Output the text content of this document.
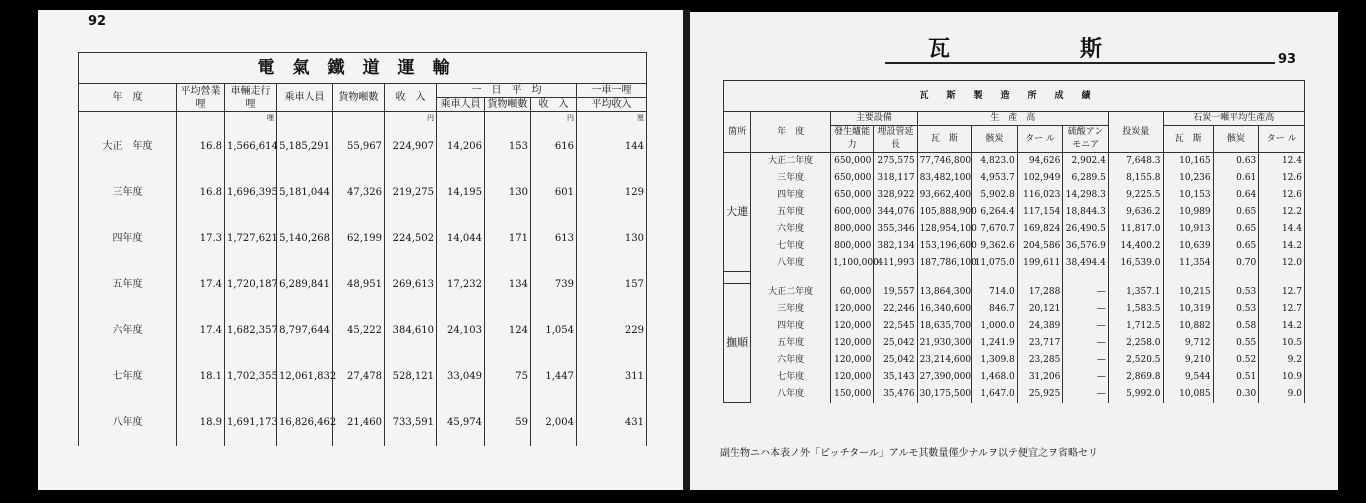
92
電氣鐵道運輸									
年　度	平均營業哩	車輛走行哩	乘車人員	貨物噸數	收　入	一　日　平　均			一車一哩
						乘車人員	貨物噸數	收　入	平均收入
		哩			円			円	厘
大正　年度	16.8	1,566,614	5,185,291	55,967	224,907	14,206	153	616	144
三年度	16.8	1,696,395	5,181,044	47,326	219,275	14,195	130	601	129
四年度	17.3	1,727,621	5,140,268	62,199	224,502	14,044	171	613	130
五年度	17.4	1,720,187	6,289,841	48,951	269,613	17,232	134	739	157
六年度	17.4	1,682,357	8,797,644	45,222	384,610	24,103	124	1,054	229
七年度	18.1	1,702,355	12,061,832	27,478	528,121	33,049	75	1,447	311
八年度	18.9	1,691,173	16,826,462	21,460	733,591	45,974	59	2,004	431
瓦斯	93
瓦斯製造所成績											
箇所	年　度	主要設備		生　產　高				投炭量	石炭一噸平均生產高		
		發生爐能力	埋設管延長	瓦　斯	骸炭	ター ル	硫酸アンモニア		瓦　斯	骸炭	ター ル
大連	大正二年度	650,000	275,575	77,746,800	4,823.0	94,626	2,902.4	7,648.3	10,165	0.63	12.4
	三年度	650,000	318,117	83,482,100	4,953.7	102,949	6,289.5	8,155.8	10,236	0.61	12.6
	四年度	650,000	328,922	93,662,400	5,902.8	116,023	14,298.3	9,225.5	10,153	0.64	12.6
	五年度	600,000	344,076	105,888,900	6,264.4	117,154	18,844.3	9,636.2	10,989	0.65	12.2
	六年度	800,000	355,346	128,954,100	7,670.7	169,824	26,490.5	11,817.0	10,913	0.65	14.4
	七年度	800,000	382,134	153,196,600	9,362.6	204,586	36,576.9	14,400.2	10,639	0.65	14.2
	八年度	1,100,000	411,993	187,786,100	11,075.0	199,611	38,494.4	16,539.0	11,354	0.70	12.0

撫順	大正二年度	60,000	19,557	13,864,300	714.0	17,288	—	1,357.1	10,215	0.53	12.7
	三年度	120,000	22,246	16,340,600	846.7	20,121	—	1,583.5	10,319	0.53	12.7
	四年度	120,000	22,545	18,635,700	1,000.0	24,389	—	1,712.5	10,882	0.58	14.2
	五年度	120,000	25,042	21,930,300	1,241.9	23,717	—	2,258.0	9,712	0.55	10.5
	六年度	120,000	25,042	23,214,600	1,309.8	23,285	—	2,520.5	9,210	0.52	9.2
	七年度	120,000	35,143	27,390,000	1,468.0	31,206	—	2,869.8	9,544	0.51	10.9
	八年度	150,000	35,476	30,175,500	1,647.0	25,925	—	5,992.0	10,085	0.30	9.0
副生物ニハ本表ノ外「ピッチタール」アルモ其數量僅少ナルヲ以テ便宜之ヲ省略セリ
